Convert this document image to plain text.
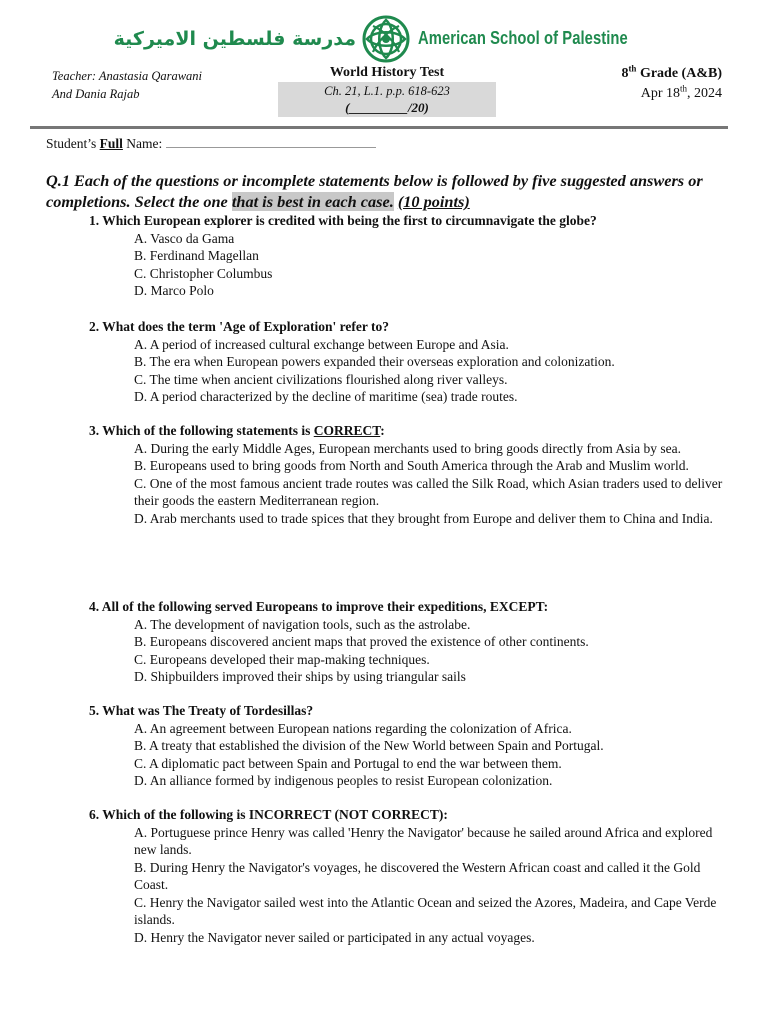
مدرسة فلسطين الاميركية	American School of Palestine
Teacher: Anastasia Qarawani
And Dania Rajab
World History Test
Ch. 21, L.1. p.p. 618-623
(_________/20)
8th Grade (A&B)
Apr 18th, 2024
Student’s Full Name:
Q.1 Each of the questions or incomplete statements below is followed by five suggested answers or completions. Select the one that is best in each case. (10 points)
1. Which European explorer is credited with being the first to circumnavigate the globe?
A. Vasco da Gama
B. Ferdinand Magellan
C. Christopher Columbus
D. Marco Polo
2. What does the term 'Age of Exploration' refer to?
A. A period of increased cultural exchange between Europe and Asia.
B. The era when European powers expanded their overseas exploration and colonization.
C. The time when ancient civilizations flourished along river valleys.
D. A period characterized by the decline of maritime (sea) trade routes.
3. Which of the following statements is CORRECT:
A. During the early Middle Ages, European merchants used to bring goods directly from Asia by sea.
B. Europeans used to bring goods from North and South America through the Arab and Muslim world.
C. One of the most famous ancient trade routes was called the Silk Road, which Asian traders used to deliver their goods the eastern Mediterranean region.
D. Arab merchants used to trade spices that they brought from Europe and deliver them to China and India.
4. All of the following served Europeans to improve their expeditions, EXCEPT:
A. The development of navigation tools, such as the astrolabe.
B. Europeans discovered ancient maps that proved the existence of other continents.
C. Europeans developed their map-making techniques.
D. Shipbuilders improved their ships by using triangular sails
5. What was The Treaty of Tordesillas?
A. An agreement between European nations regarding the colonization of Africa.
B. A treaty that established the division of the New World between Spain and Portugal.
C. A diplomatic pact between Spain and Portugal to end the war between them.
D. An alliance formed by indigenous peoples to resist European colonization.
6. Which of the following is INCORRECT (NOT CORRECT):
A. Portuguese prince Henry was called 'Henry the Navigator' because he sailed around Africa and explored new lands.
B. During Henry the Navigator's voyages, he discovered the Western African coast and called it the Gold Coast.
C. Henry the Navigator sailed west into the Atlantic Ocean and seized the Azores, Madeira, and Cape Verde islands.
D. Henry the Navigator never sailed or participated in any actual voyages.
